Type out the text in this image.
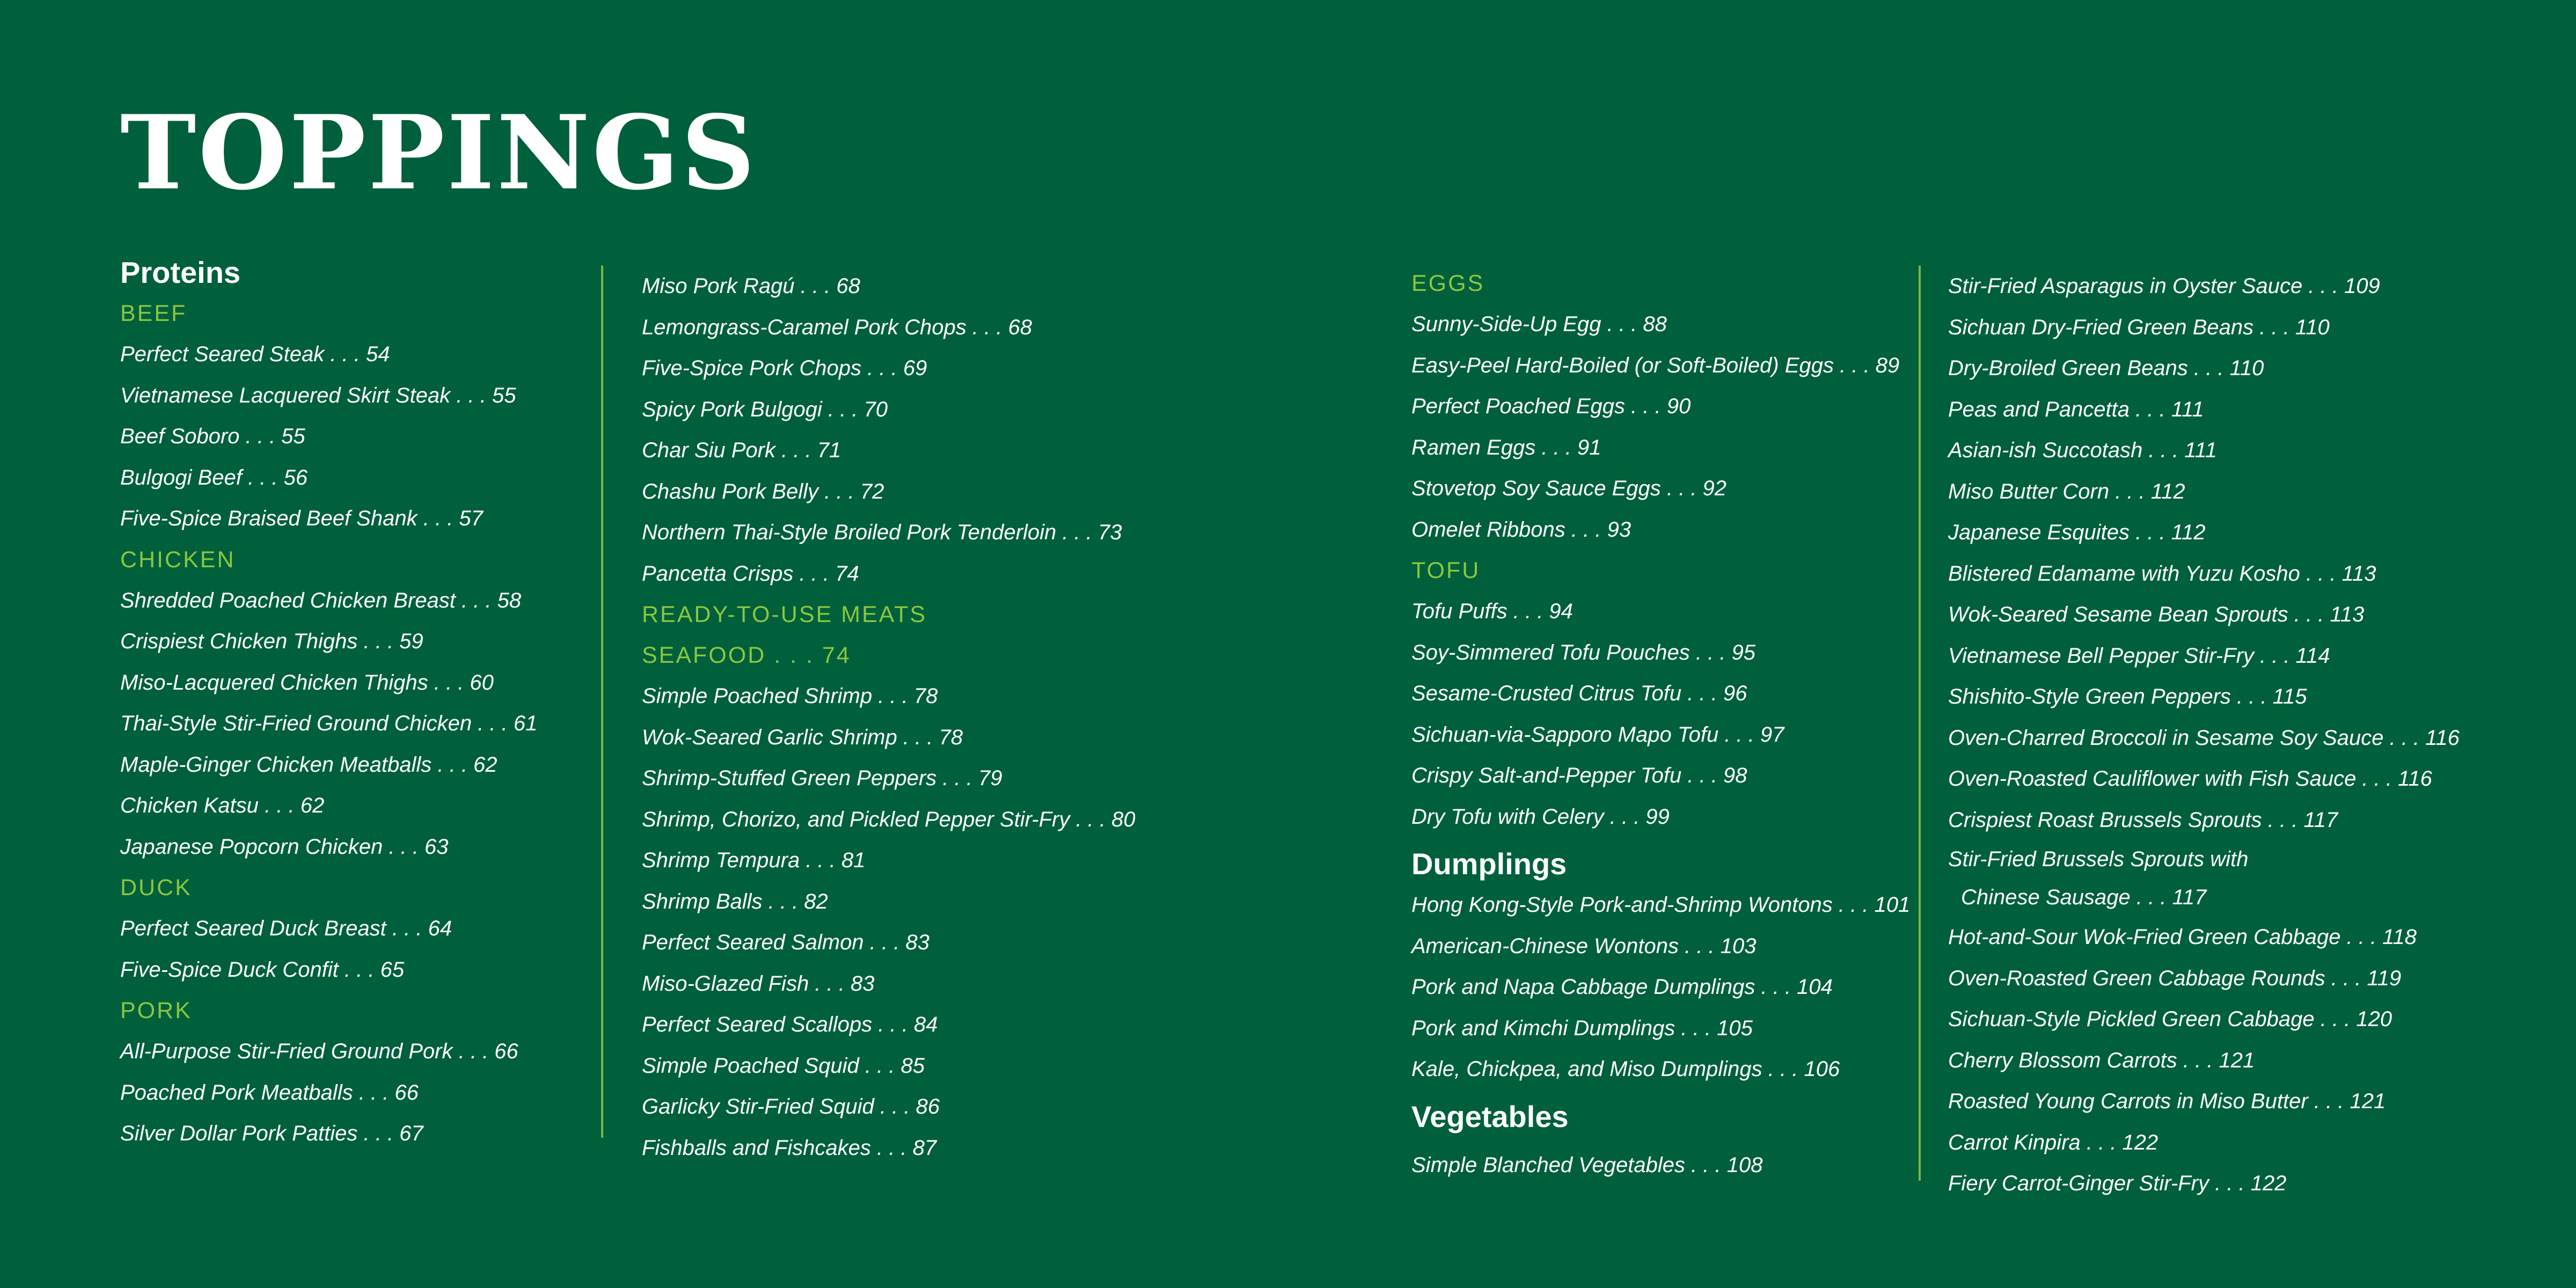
TOPPINGS

Proteins

BEEF

Perfect Seared Steak . . . 54

Vietnamese Lacquered Skirt Steak . . . 55

Beef Soboro . . . 55

Bulgogi Beef . . . 56

Five-Spice Braised Beef Shank . . . 57

CHICKEN

Shredded Poached Chicken Breast . . . 58

Crispiest Chicken Thighs . . . 59

Miso-Lacquered Chicken Thighs . . . 60

Thai-Style Stir-Fried Ground Chicken . . . 61

Maple-Ginger Chicken Meatballs . . . 62

Chicken Katsu . . . 62

Japanese Popcorn Chicken . . . 63

DUCK

Perfect Seared Duck Breast . . . 64

Five-Spice Duck Confit . . . 65

PORK

All-Purpose Stir-Fried Ground Pork . . . 66

Poached Pork Meatballs . . . 66

Silver Dollar Pork Patties . . . 67

Miso Pork Ragú . . . 68

Lemongrass-Caramel Pork Chops . . . 68

Five-Spice Pork Chops . . . 69

Spicy Pork Bulgogi . . . 70

Char Siu Pork . . . 71

Chashu Pork Belly . . . 72

Northern Thai-Style Broiled Pork Tenderloin . . . 73

Pancetta Crisps . . . 74

READY-TO-USE MEATS

SEAFOOD . . . 74

Simple Poached Shrimp . . . 78

Wok-Seared Garlic Shrimp . . . 78

Shrimp-Stuffed Green Peppers . . . 79

Shrimp, Chorizo, and Pickled Pepper Stir-Fry . . . 80

Shrimp Tempura . . . 81

Shrimp Balls . . . 82

Perfect Seared Salmon . . . 83

Miso-Glazed Fish . . . 83

Perfect Seared Scallops . . . 84

Simple Poached Squid . . . 85

Garlicky Stir-Fried Squid . . . 86

Fishballs and Fishcakes . . . 87

EGGS

Sunny-Side-Up Egg . . . 88

Easy-Peel Hard-Boiled (or Soft-Boiled) Eggs . . . 89

Perfect Poached Eggs . . . 90

Ramen Eggs . . . 91

Stovetop Soy Sauce Eggs . . . 92

Omelet Ribbons . . . 93

TOFU

Tofu Puffs . . . 94

Soy-Simmered Tofu Pouches . . . 95

Sesame-Crusted Citrus Tofu . . . 96

Sichuan-via-Sapporo Mapo Tofu . . . 97

Crispy Salt-and-Pepper Tofu . . . 98

Dry Tofu with Celery . . . 99

Dumplings

Hong Kong-Style Pork-and-Shrimp Wontons . . . 101

American-Chinese Wontons . . . 103

Pork and Napa Cabbage Dumplings . . . 104

Pork and Kimchi Dumplings . . . 105

Kale, Chickpea, and Miso Dumplings . . . 106

Vegetables

Simple Blanched Vegetables . . . 108

Stir-Fried Asparagus in Oyster Sauce . . . 109

Sichuan Dry-Fried Green Beans . . . 110

Dry-Broiled Green Beans . . . 110

Peas and Pancetta . . . 111

Asian-ish Succotash . . . 111

Miso Butter Corn . . . 112

Japanese Esquites . . . 112

Blistered Edamame with Yuzu Kosho . . . 113

Wok-Seared Sesame Bean Sprouts . . . 113

Vietnamese Bell Pepper Stir-Fry . . . 114

Shishito-Style Green Peppers . . . 115

Oven-Charred Broccoli in Sesame Soy Sauce . . . 116

Oven-Roasted Cauliflower with Fish Sauce . . . 116

Crispiest Roast Brussels Sprouts . . . 117

Stir-Fried Brussels Sprouts with
Chinese Sausage . . . 117

Hot-and-Sour Wok-Fried Green Cabbage . . . 118

Oven-Roasted Green Cabbage Rounds . . . 119

Sichuan-Style Pickled Green Cabbage . . . 120

Cherry Blossom Carrots . . . 121

Roasted Young Carrots in Miso Butter . . . 121

Carrot Kinpira . . . 122

Fiery Carrot-Ginger Stir-Fry . . . 122
